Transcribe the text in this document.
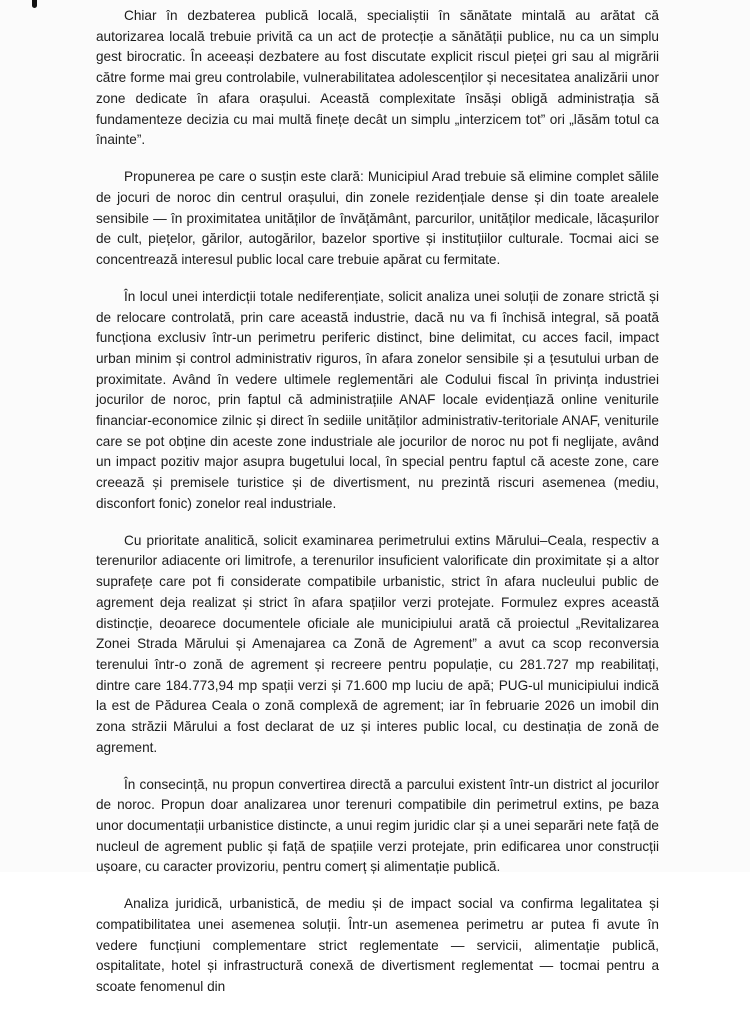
Chiar în dezbaterea publică locală, specialiștii în sănătate mintală au arătat că autorizarea locală trebuie privită ca un act de protecție a sănătății publice, nu ca un simplu gest birocratic. În aceeași dezbatere au fost discutate explicit riscul pieței gri sau al migrării către forme mai greu controlabile, vulnerabilitatea adolescenților și necesitatea analizării unor zone dedicate în afara orașului. Această complexitate însăși obligă administrația să fundamenteze decizia cu mai multă finețe decât un simplu „interzicem tot” ori „lăsăm totul ca înainte”.

Propunerea pe care o susțin este clară: Municipiul Arad trebuie să elimine complet sălile de jocuri de noroc din centrul orașului, din zonele rezidențiale dense și din toate arealele sensibile — în proximitatea unităților de învățământ, parcurilor, unităților medicale, lăcașurilor de cult, piețelor, gărilor, autogărilor, bazelor sportive și instituțiilor culturale. Tocmai aici se concentrează interesul public local care trebuie apărat cu fermitate.

În locul unei interdicții totale nediferențiate, solicit analiza unei soluții de zonare strictă și de relocare controlată, prin care această industrie, dacă nu va fi închisă integral, să poată funcționa exclusiv într-un perimetru periferic distinct, bine delimitat, cu acces facil, impact urban minim și control administrativ riguros, în afara zonelor sensibile și a țesutului urban de proximitate. Având în vedere ultimele reglementări ale Codului fiscal în privința industriei jocurilor de noroc, prin faptul că administrațiile ANAF locale evidențiază online veniturile financiar-economice zilnic și direct în sediile unităților administrativ-teritoriale ANAF, veniturile care se pot obține din aceste zone industriale ale jocurilor de noroc nu pot fi neglijate, având un impact pozitiv major asupra bugetului local, în special pentru faptul că aceste zone, care creează și premisele turistice și de divertisment, nu prezintă riscuri asemenea (mediu, disconfort fonic) zonelor real industriale.

Cu prioritate analitică, solicit examinarea perimetrului extins Mărului–Ceala, respectiv a terenurilor adiacente ori limitrofe, a terenurilor insuficient valorificate din proximitate și a altor suprafețe care pot fi considerate compatibile urbanistic, strict în afara nucleului public de agrement deja realizat și strict în afara spațiilor verzi protejate. Formulez expres această distincție, deoarece documentele oficiale ale municipiului arată că proiectul „Revitalizarea Zonei Strada Mărului și Amenajarea ca Zonă de Agrement” a avut ca scop reconversia terenului într-o zonă de agrement și recreere pentru populație, cu 281.727 mp reabilitați, dintre care 184.773,94 mp spații verzi și 71.600 mp luciu de apă; PUG-ul municipiului indică la est de Pădurea Ceala o zonă complexă de agrement; iar în februarie 2026 un imobil din zona străzii Mărului a fost declarat de uz și interes public local, cu destinația de zonă de agrement.

În consecință, nu propun convertirea directă a parcului existent într-un district al jocurilor de noroc. Propun doar analizarea unor terenuri compatibile din perimetrul extins, pe baza unor documentații urbanistice distincte, a unui regim juridic clar și a unei separări nete față de nucleul de agrement public și față de spațiile verzi protejate, prin edificarea unor construcții ușoare, cu caracter provizoriu, pentru comerț și alimentație publică.

Analiza juridică, urbanistică, de mediu și de impact social va confirma legalitatea și compatibilitatea unei asemenea soluții. Într-un asemenea perimetru ar putea fi avute în vedere funcțiuni complementare strict reglementate — servicii, alimentație publică, ospitalitate, hotel și infrastructură conexă de divertisment reglementat — tocmai pentru a scoate fenomenul din
